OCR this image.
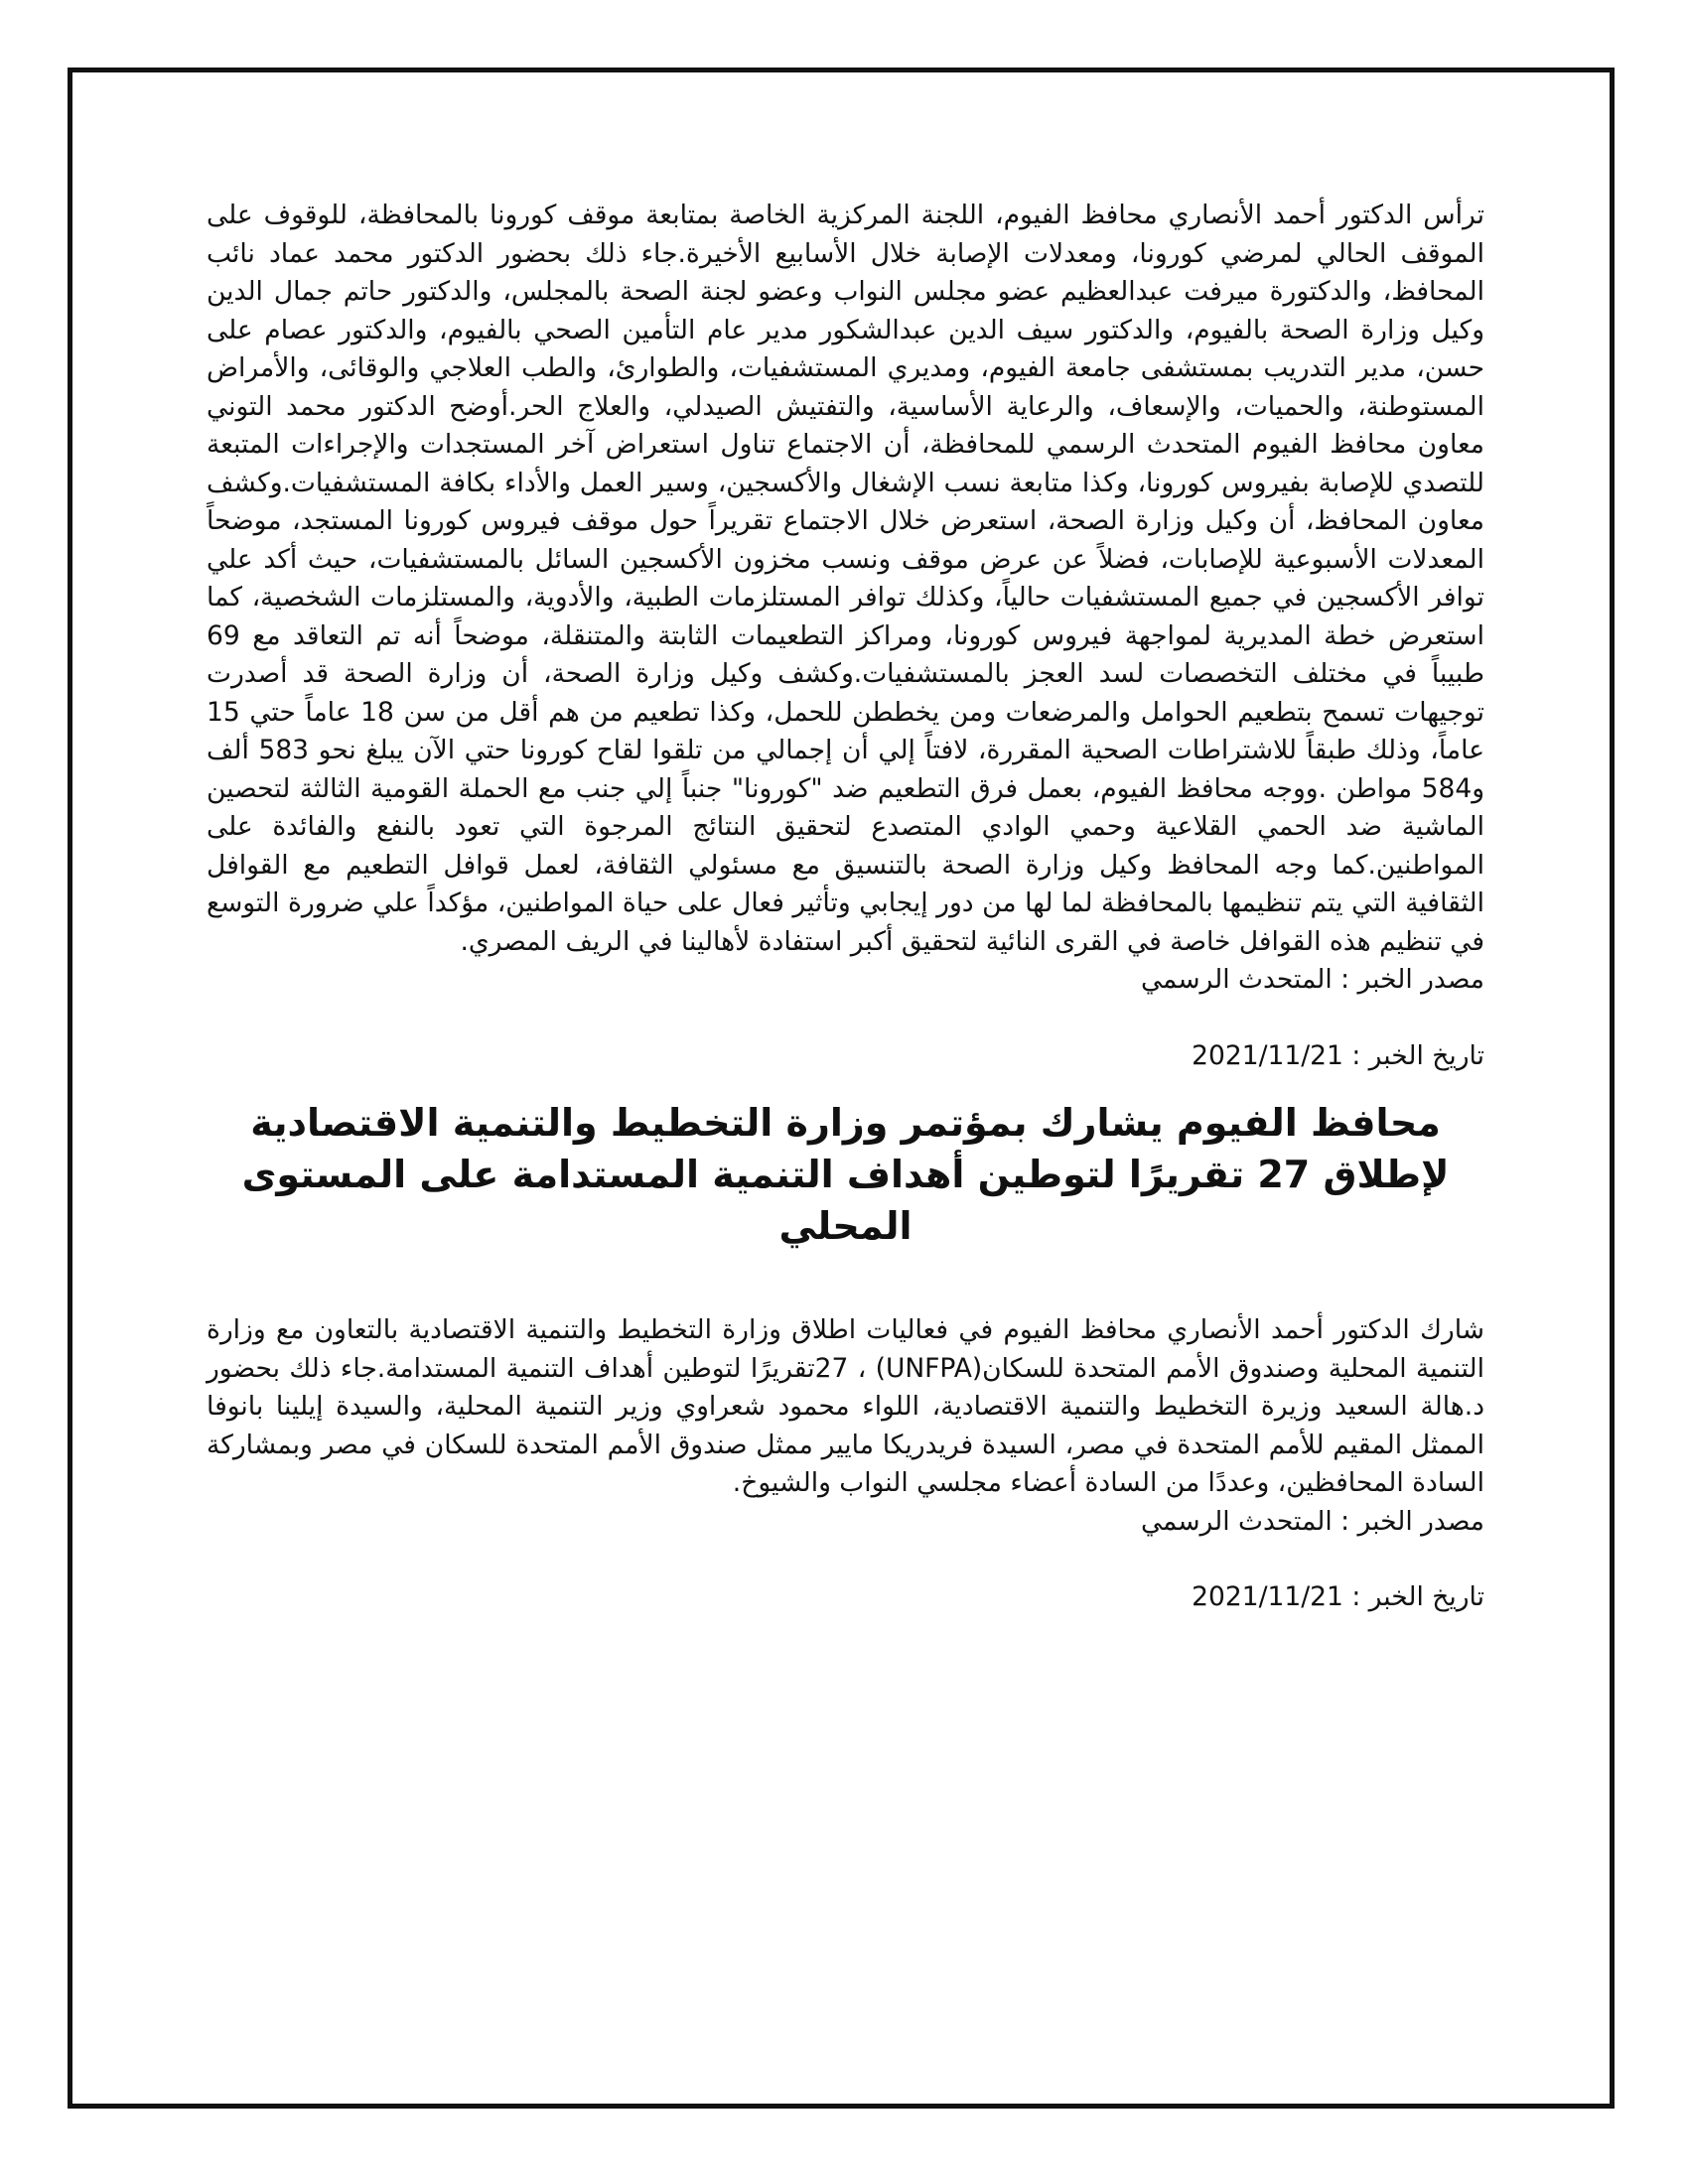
ترأس الدكتور أحمد الأنصاري محافظ الفيوم، اللجنة المركزية الخاصة بمتابعة موقف كورونا بالمحافظة، للوقوف على الموقف الحالي لمرضي كورونا، ومعدلات الإصابة خلال الأسابيع الأخيرة.جاء ذلك بحضور الدكتور محمد عماد نائب المحافظ، والدكتورة ميرفت عبدالعظيم عضو مجلس النواب وعضو لجنة الصحة بالمجلس، والدكتور حاتم جمال الدين وكيل وزارة الصحة بالفيوم، والدكتور سيف الدين عبدالشكور مدير عام التأمين الصحي بالفيوم، والدكتور عصام على حسن، مدير التدريب بمستشفى جامعة الفيوم، ومديري المستشفيات، والطوارئ، والطب العلاجي والوقائى، والأمراض المستوطنة، والحميات، والإسعاف، والرعاية الأساسية، والتفتيش الصيدلي، والعلاج الحر.أوضح الدكتور محمد التوني معاون محافظ الفيوم المتحدث الرسمي للمحافظة، أن الاجتماع تناول استعراض آخر المستجدات والإجراءات المتبعة للتصدي للإصابة بفيروس كورونا، وكذا متابعة نسب الإشغال والأكسجين، وسير العمل والأداء بكافة المستشفيات.وكشف معاون المحافظ، أن وكيل وزارة الصحة، استعرض خلال الاجتماع تقريراً حول موقف فيروس كورونا المستجد، موضحاً المعدلات الأسبوعية للإصابات، فضلاً عن عرض موقف ونسب مخزون الأكسجين السائل بالمستشفيات، حيث أكد علي توافر الأكسجين في جميع المستشفيات حالياً، وكذلك توافر المستلزمات الطبية، والأدوية، والمستلزمات الشخصية، كما استعرض خطة المديرية لمواجهة فيروس كورونا، ومراكز التطعيمات الثابتة والمتنقلة، موضحاً أنه تم التعاقد مع 69 طبيباً في مختلف التخصصات لسد العجز بالمستشفيات.وكشف وكيل وزارة الصحة، أن وزارة الصحة قد أصدرت توجيهات تسمح بتطعيم الحوامل والمرضعات ومن يخططن للحمل، وكذا تطعيم من هم أقل من سن 18 عاماً حتي 15 عاماً، وذلك طبقاً للاشتراطات الصحية المقررة، لافتاً إلي أن إجمالي من تلقوا لقاح كورونا حتي الآن يبلغ نحو 583 ألف و584 مواطن .ووجه محافظ الفيوم، بعمل فرق التطعيم ضد "كورونا" جنباً إلي جنب مع الحملة القومية الثالثة لتحصين الماشية ضد الحمي القلاعية وحمي الوادي المتصدع لتحقيق النتائج المرجوة التي تعود بالنفع والفائدة على المواطنين.كما وجه المحافظ وكيل وزارة الصحة بالتنسيق مع مسئولي الثقافة، لعمل قوافل التطعيم مع القوافل الثقافية التي يتم تنظيمها بالمحافظة لما لها من دور إيجابي وتأثير فعال على حياة المواطنين، مؤكداً علي ضرورة التوسع في تنظيم هذه القوافل خاصة في القرى النائية لتحقيق أكبر استفادة لأهالينا في الريف المصري.

مصدر الخبر : المتحدث الرسمي

تاريخ الخبر : 2021/11/21

محافظ الفيوم يشارك بمؤتمر وزارة التخطيط والتنمية الاقتصادية لإطلاق 27 تقريرًا لتوطين أهداف التنمية المستدامة على المستوى المحلي

شارك الدكتور أحمد الأنصاري محافظ الفيوم في فعاليات اطلاق وزارة التخطيط والتنمية الاقتصادية بالتعاون مع وزارة التنمية المحلية وصندوق الأمم المتحدة للسكان(UNFPA) ، 27تقريرًا لتوطين أهداف التنمية المستدامة.جاء ذلك بحضور د.هالة السعيد وزيرة التخطيط والتنمية الاقتصادية، اللواء محمود شعراوي وزير التنمية المحلية، والسيدة إيلينا بانوفا الممثل المقيم للأمم المتحدة في مصر، السيدة فريدريكا مايير ممثل صندوق الأمم المتحدة للسكان في مصر وبمشاركة السادة المحافظين، وعددًا من السادة أعضاء مجلسي النواب والشيوخ.

مصدر الخبر : المتحدث الرسمي

تاريخ الخبر : 2021/11/21
